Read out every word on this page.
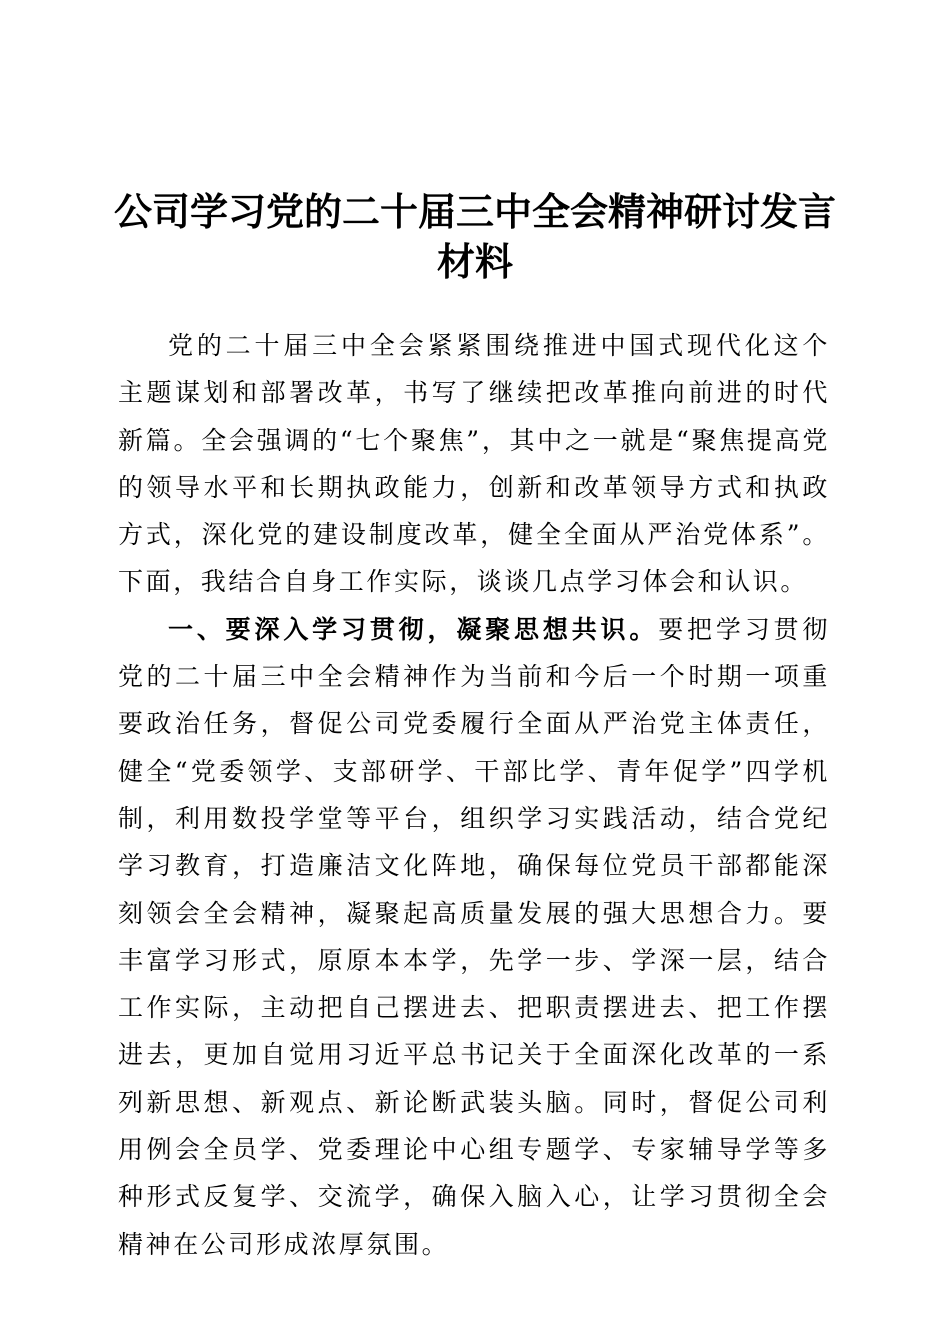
公司学习党的二十届三中全会精神研讨发言材料

党的二十届三中全会紧紧围绕推进中国式现代化这个主题谋划和部署改革，书写了继续把改革推向前进的时代新篇。全会强调的“七个聚焦”，其中之一就是“聚焦提高党的领导水平和长期执政能力，创新和改革领导方式和执政方式，深化党的建设制度改革，健全全面从严治党体系”。下面，我结合自身工作实际，谈谈几点学习体会和认识。

一、要深入学习贯彻，凝聚思想共识。要把学习贯彻党的二十届三中全会精神作为当前和今后一个时期一项重要政治任务，督促公司党委履行全面从严治党主体责任，健全“党委领学、支部研学、干部比学、青年促学”四学机制，利用数投学堂等平台，组织学习实践活动，结合党纪学习教育，打造廉洁文化阵地，确保每位党员干部都能深刻领会全会精神，凝聚起高质量发展的强大思想合力。要丰富学习形式，原原本本学，先学一步、学深一层，结合工作实际，主动把自己摆进去、把职责摆进去、把工作摆进去，更加自觉用习近平总书记关于全面深化改革的一系列新思想、新观点、新论断武装头脑。同时，督促公司利用例会全员学、党委理论中心组专题学、专家辅导学等多种形式反复学、交流学，确保入脑入心，让学习贯彻全会精神在公司形成浓厚氛围。
